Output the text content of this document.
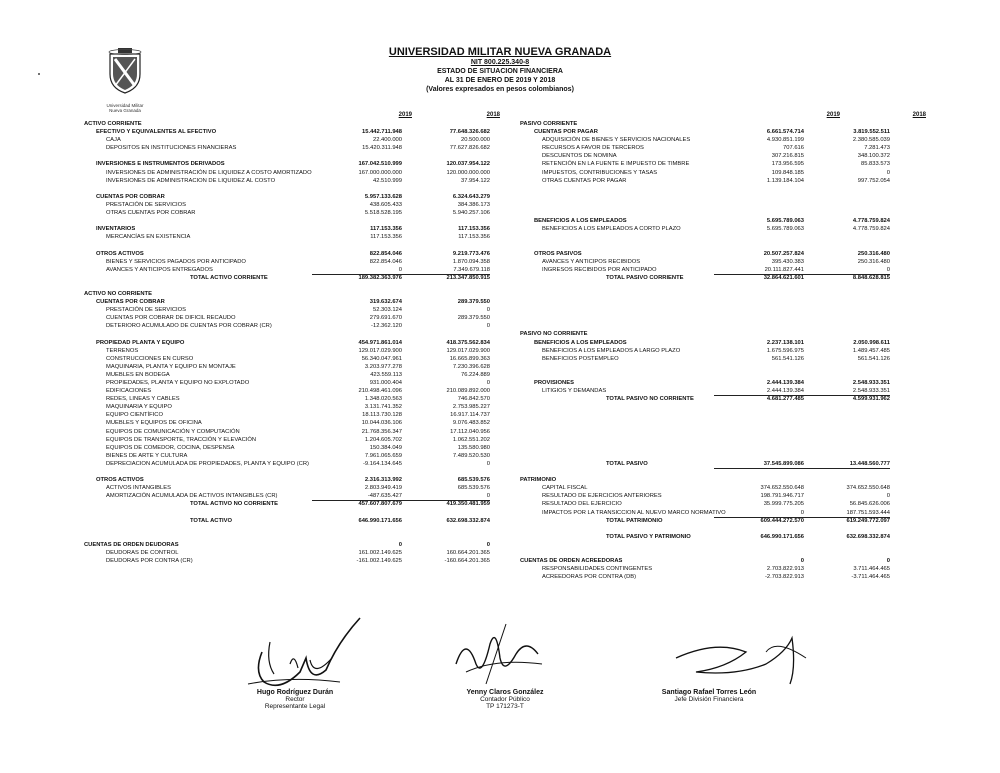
Universidad Militar
Nueva Granada
UNIVERSIDAD MILITAR NUEVA GRANADA
NIT 800.225.340-8
ESTADO DE SITUACION FINANCIERA
AL 31 DE ENERO DE 2019 Y 2018
(Valores expresados en pesos colombianos)
2019	2018	2019	2018
ACTIVO CORRIENTE
EFECTIVO Y EQUIVALENTES AL EFECTIVO	15.442.711.948	77.648.326.682
CAJA	22.400.000	20.500.000
DEPOSITOS EN INSTITUCIONES FINANCIERAS	15.420.311.948	77.627.826.682
INVERSIONES E INSTRUMENTOS DERIVADOS	167.042.510.999	120.037.954.122
INVERSIONES DE ADMINISTRACIÓN DE LIQUIDEZ A COSTO AMORTIZADO	167.000.000.000	120.000.000.000
INVERSIONES DE ADMINISTRACION DE LIQUIDEZ AL COSTO	42.510.999	37.954.122
CUENTAS POR COBRAR	5.957.133.628	6.324.643.279
PRESTACIÓN DE SERVICIOS	438.605.433	384.386.173
OTRAS CUENTAS POR COBRAR	5.518.528.195	5.940.257.106
INVENTARIOS	117.153.356	117.153.356
MERCANCÍAS EN EXISTENCIA	117.153.356	117.153.356
OTROS ACTIVOS	822.854.046	9.219.773.476
BIENES Y SERVICIOS PAGADOS POR ANTICIPADO	822.854.046	1.870.094.358
AVANCES Y ANTICIPOS ENTREGADOS	0	7.349.679.118
TOTAL ACTIVO CORRIENTE	189.382.363.976	213.347.850.915
ACTIVO NO CORRIENTE
CUENTAS POR COBRAR	319.632.674	289.379.550
PRESTACIÓN DE SERVICIOS	52.303.124	0
CUENTAS POR COBRAR DE DIFICIL RECAUDO	279.691.670	289.379.550
DETERIORO ACUMULADO DE CUENTAS POR COBRAR (CR)	-12.362.120	0
PROPIEDAD PLANTA Y EQUIPO	454.971.861.014	418.375.562.834
TERRENOS	129.017.029.900	129.017.029.900
CONSTRUCCIONES EN CURSO	56.340.047.961	16.665.899.363
MAQUINARIA, PLANTA Y EQUIPO EN MONTAJE	3.203.977.278	7.230.396.628
MUEBLES EN BODEGA	423.559.113	76.224.889
PROPIEDADES, PLANTA Y EQUIPO NO EXPLOTADO	931.000.404	0
EDIFICACIONES	210.498.461.096	210.089.892.000
REDES, LINEAS Y CABLES	1.348.020.563	746.842.570
MAQUINARIA Y EQUIPO	3.131.741.352	2.753.985.227
EQUIPO CIENTÍFICO	18.113.730.128	16.917.114.737
MUEBLES Y EQUIPOS DE OFICINA	10.044.036.106	9.076.483.852
EQUIPOS DE COMUNICACIÓN Y COMPUTACIÓN	21.768.356.347	17.112.040.956
EQUIPOS DE TRANSPORTE, TRACCIÓN Y ELEVACIÓN	1.204.605.702	1.062.551.202
EQUIPOS DE COMEDOR, COCINA, DESPENSA	150.384.049	135.580.980
BIENES DE ARTE Y CULTURA	7.961.065.659	7.489.520.530
DEPRECIACION ACUMULADA DE PROPIEDADES, PLANTA Y EQUIPO (CR)	-9.164.134.645	0
OTROS ACTIVOS	2.316.313.992	685.539.576
ACTIVOS INTANGIBLES	2.803.949.419	685.539.576
AMORTIZACIÓN ACUMULADA DE ACTIVOS INTANGIBLES (CR)	-487.635.427	0
TOTAL ACTIVO NO CORRIENTE	457.607.807.679	419.350.481.959
TOTAL ACTIVO	646.990.171.656	632.698.332.874
CUENTAS DE ORDEN DEUDORAS	0	0
DEUDORAS DE CONTROL	161.002.149.625	160.664.201.365
DEUDORAS POR CONTRA (CR)	-161.002.149.625	-160.664.201.365
PASIVO CORRIENTE
CUENTAS POR PAGAR	6.661.574.714	3.819.552.511
ADQUISICIÓN DE BIENES Y SERVICIOS NACIONALES	4.930.851.199	2.380.585.039
RECURSOS A FAVOR DE TERCEROS	707.616	7.281.473
DESCUENTOS DE NOMINA	307.216.815	348.100.372
RETENCIÓN EN LA FUENTE E IMPUESTO DE TIMBRE	173.956.595	85.833.573
IMPUESTOS, CONTRIBUCIONES Y TASAS	109.848.185	0
OTRAS CUENTAS POR PAGAR	1.139.184.104	997.752.054
BENEFICIOS A LOS EMPLEADOS	5.695.789.063	4.778.759.824
BENEFICIOS A LOS EMPLEADOS A CORTO PLAZO	5.695.789.063	4.778.759.824
OTROS PASIVOS	20.507.257.824	250.316.480
AVANCES Y ANTICIPOS RECIBIDOS	395.430.383	250.316.480
INGRESOS RECIBIDOS POR ANTICIPADO	20.111.827.441	0
TOTAL PASIVO CORRIENTE	32.864.621.601	8.848.628.815
PASIVO NO CORRIENTE
BENEFICIOS A LOS EMPLEADOS	2.237.138.101	2.050.998.611
BENEFICIOS A LOS EMPLEADOS A LARGO PLAZO	1.675.596.975	1.489.457.485
BENEFICIOS POSTEMPLEO	561.541.126	561.541.126
PROVISIONES	2.444.139.384	2.548.933.351
LITIGIOS Y DEMANDAS	2.444.139.384	2.548.933.351
TOTAL PASIVO NO CORRIENTE	4.681.277.485	4.599.931.962
TOTAL PASIVO	37.545.899.086	13.448.560.777
PATRIMONIO
CAPITAL FISCAL	374.652.550.648	374.652.550.648
RESULTADO DE EJERCICIOS ANTERIORES	198.791.946.717	0
RESULTADO DEL EJERCICIO	35.999.775.205	56.845.626.006
IMPACTOS POR LA TRANSICCION AL NUEVO MARCO NORMATIVO	0	187.751.593.444
TOTAL PATRIMONIO	609.444.272.570	619.249.772.097
TOTAL PASIVO Y PATRIMONIO	646.990.171.656	632.698.332.874
CUENTAS DE ORDEN ACREEDORAS	0	0
RESPONSABILIDADES CONTINGENTES	2.703.822.913	3.711.464.465
ACREEDORAS POR CONTRA (DB)	-2.703.822.913	-3.711.464.465
Hugo Rodríguez Durán
Rector
Representante Legal
Yenny Claros González
Contador Público
TP 171273-T
Santiago Rafael Torres León
Jefe División Financiera
